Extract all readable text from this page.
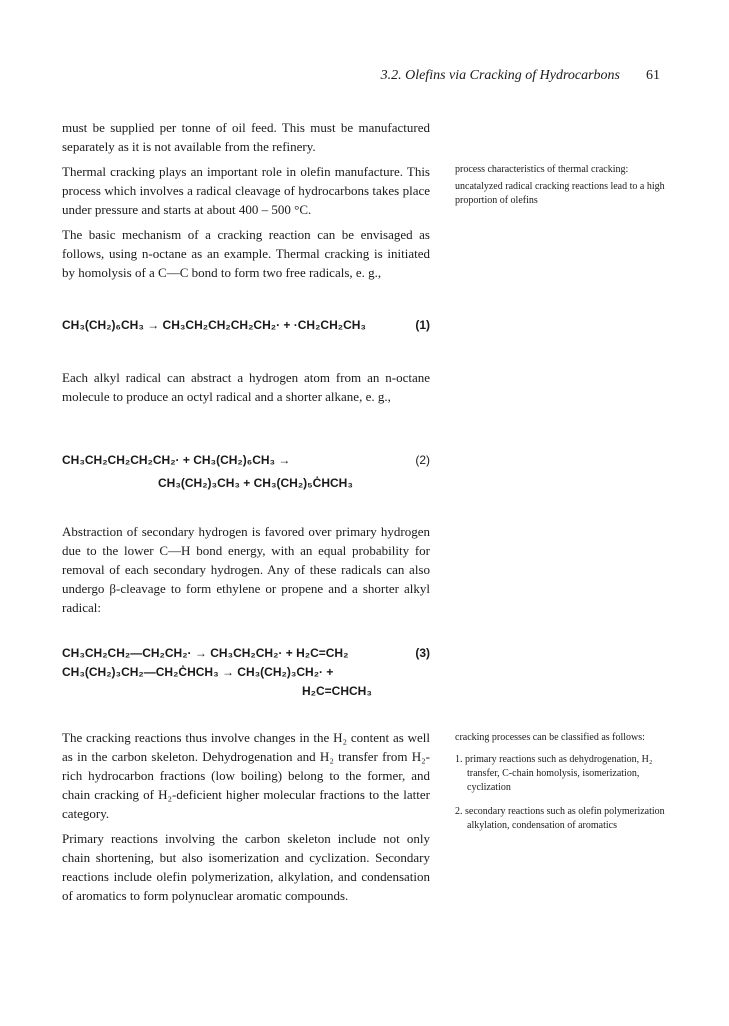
3.2. Olefins via Cracking of Hydrocarbons 61

must be supplied per tonne of oil feed. This must be manufactured separately as it is not available from the refinery.

Thermal cracking plays an important role in olefin manufacture. This process which involves a radical cleavage of hydrocarbons takes place under pressure and starts at about 400 – 500 °C.

The basic mechanism of a cracking reaction can be envisaged as follows, using n-octane as an example. Thermal cracking is initiated by homolysis of a C—C bond to form two free radicals, e. g.,

CH₃(CH₂)₆CH₃ → CH₃CH₂CH₂CH₂CH₂· + ·CH₂CH₂CH₃	(1)

Each alkyl radical can abstract a hydrogen atom from an n-octane molecule to produce an octyl radical and a shorter alkane, e. g.,

CH₃CH₂CH₂CH₂CH₂· + CH₃(CH₂)₆CH₃ →	(2)
CH₃(CH₂)₃CH₃ + CH₃(CH₂)₅ĊHCH₃

Abstraction of secondary hydrogen is favored over primary hydrogen due to the lower C—H bond energy, with an equal probability for removal of each secondary hydrogen. Any of these radicals can also undergo β-cleavage to form ethylene or propene and a shorter alkyl radical:

CH₃CH₂CH₂—CH₂CH₂· → CH₃CH₂CH₂· + H₂C=CH₂	(3)
CH₃(CH₂)₃CH₂—CH₂ĊHCH₃ → CH₃(CH₂)₃CH₂· +
H₂C=CHCH₃

The cracking reactions thus involve changes in the H₂ content as well as in the carbon skeleton. Dehydrogenation and H₂ transfer from H₂-rich hydrocarbon fractions (low boiling) belong to the former, and chain cracking of H₂-deficient higher molecular fractions to the latter category.

Primary reactions involving the carbon skeleton include not only chain shortening, but also isomerization and cyclization. Secondary reactions include olefin polymerization, alkylation, and condensation of aromatics to form polynuclear aromatic compounds.

process characteristics of thermal cracking:

uncatalyzed radical cracking reactions lead to a high proportion of olefins

cracking processes can be classified as follows:

1. primary reactions such as dehydrogenation, H₂ transfer, C-chain homolysis, isomerization, cyclization

2. secondary reactions such as olefin polymerization alkylation, condensation of aromatics
